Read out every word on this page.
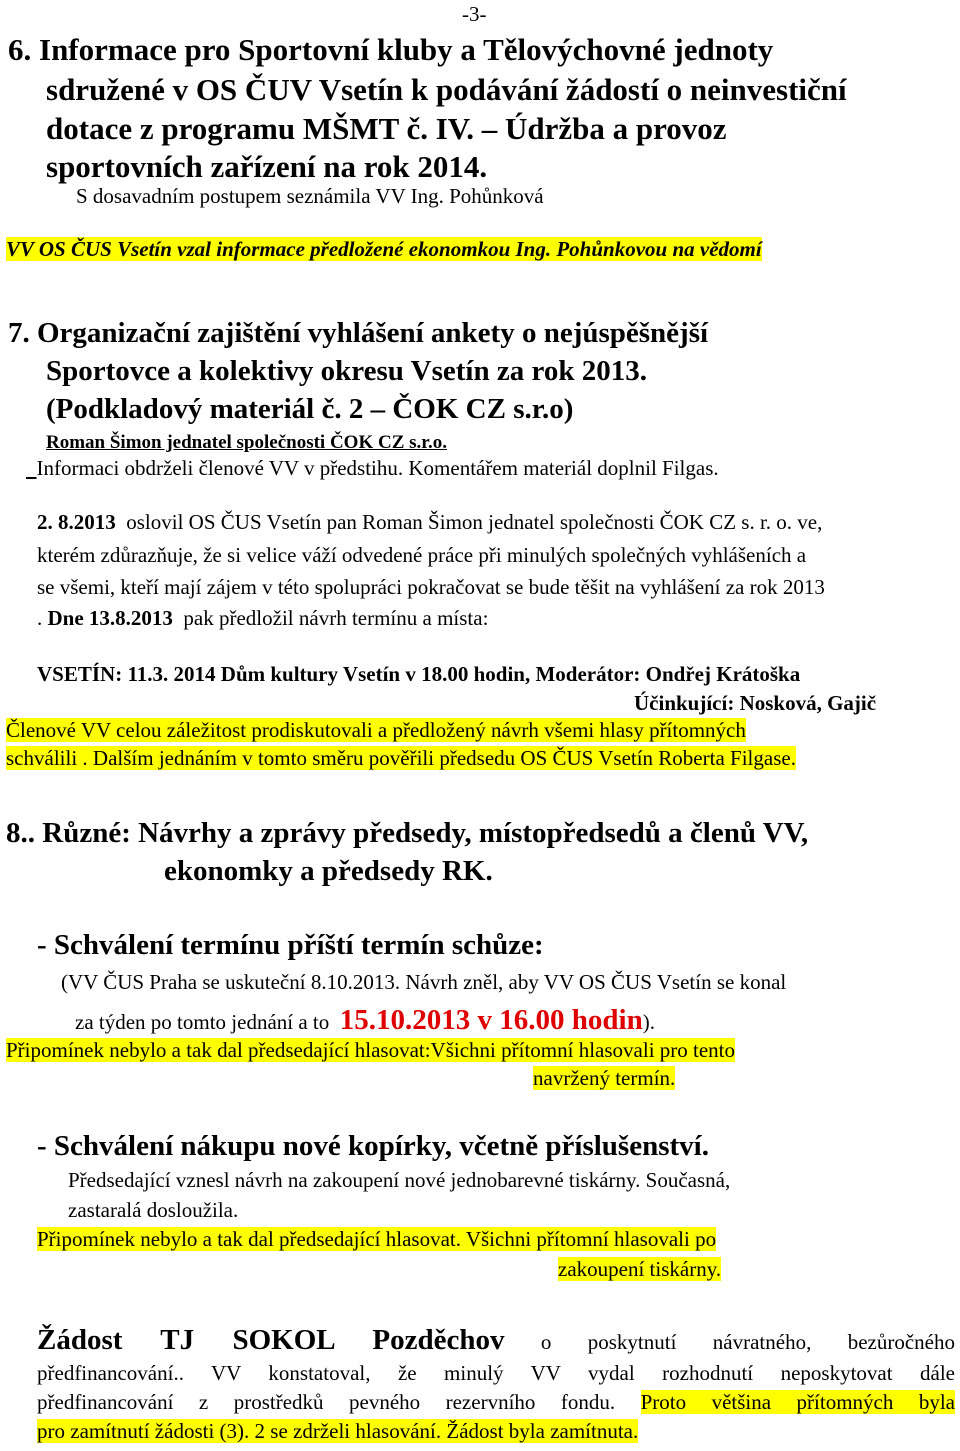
-3-
6. Informace pro Sportovní kluby a Tělovýchovné jednoty
sdružené v OS ČUV Vsetín k podávání žádostí o neinvestiční
dotace z programu MŠMT č. IV. – Údržba a provoz
sportovních zařízení na rok 2014.
S dosavadním postupem seznámila VV Ing. Pohůnková
VV OS ČUS Vsetín vzal informace předložené ekonomkou Ing. Pohůnkovou na vědomí
7. Organizační zajištění vyhlášení ankety o nejúspěšnější
Sportovce a kolektivy okresu Vsetín za rok 2013.
(Podkladový materiál č. 2 – ČOK CZ s.r.o)
Roman Šimon jednatel společnosti ČOK CZ s.r.o.
Informaci obdrželi členové VV v předstihu. Komentářem materiál doplnil Filgas.
2. 8.2013  oslovil OS ČUS Vsetín pan Roman Šimon jednatel společnosti ČOK CZ s. r. o. ve,
kterém zdůrazňuje, že si velice váží odvedené práce při minulých společných vyhlášeních a
se všemi, kteří mají zájem v této spolupráci pokračovat se bude těšit na vyhlášení za rok 2013
. Dne 13.8.2013  pak předložil návrh termínu a místa:
VSETÍN: 11.3. 2014 Dům kultury Vsetín v 18.00 hodin, Moderátor: Ondřej Krátoška
Účinkující: Nosková, Gajič
Členové VV celou záležitost prodiskutovali a předložený návrh všemi hlasy přítomných
schválili . Dalším jednáním v tomto směru pověřili předsedu OS ČUS Vsetín Roberta Filgase.
8.. Různé: Návrhy a zprávy předsedy, místopředsedů a členů VV,
ekonomky a předsedy RK.
- Schválení termínu příští termín schůze:
(VV ČUS Praha se uskuteční 8.10.2013. Návrh zněl, aby VV OS ČUS Vsetín se konal
za týden po tomto jednání a to  15.10.2013 v 16.00 hodin).
Připomínek nebylo a tak dal předsedající hlasovat:Všichni přítomní hlasovali pro tento
navržený termín.
- Schválení nákupu nové kopírky, včetně příslušenství.
Předsedající vznesl návrh na zakoupení nové jednobarevné tiskárny. Současná,
zastaralá dosloužila.
Připomínek nebylo a tak dal předsedající hlasovat. Všichni přítomní hlasovali po
zakoupení tiskárny.
Žádost TJ SOKOL Pozděchov o poskytnutí návratného, bezůročného
předfinancování.. VV konstatoval, že minulý VV vydal rozhodnutí neposkytovat dále
předfinancování z prostředků pevného rezervního fondu. Proto většina přítomných byla
pro zamítnutí žádosti (3). 2 se zdrželi hlasování. Žádost byla zamítnuta.
